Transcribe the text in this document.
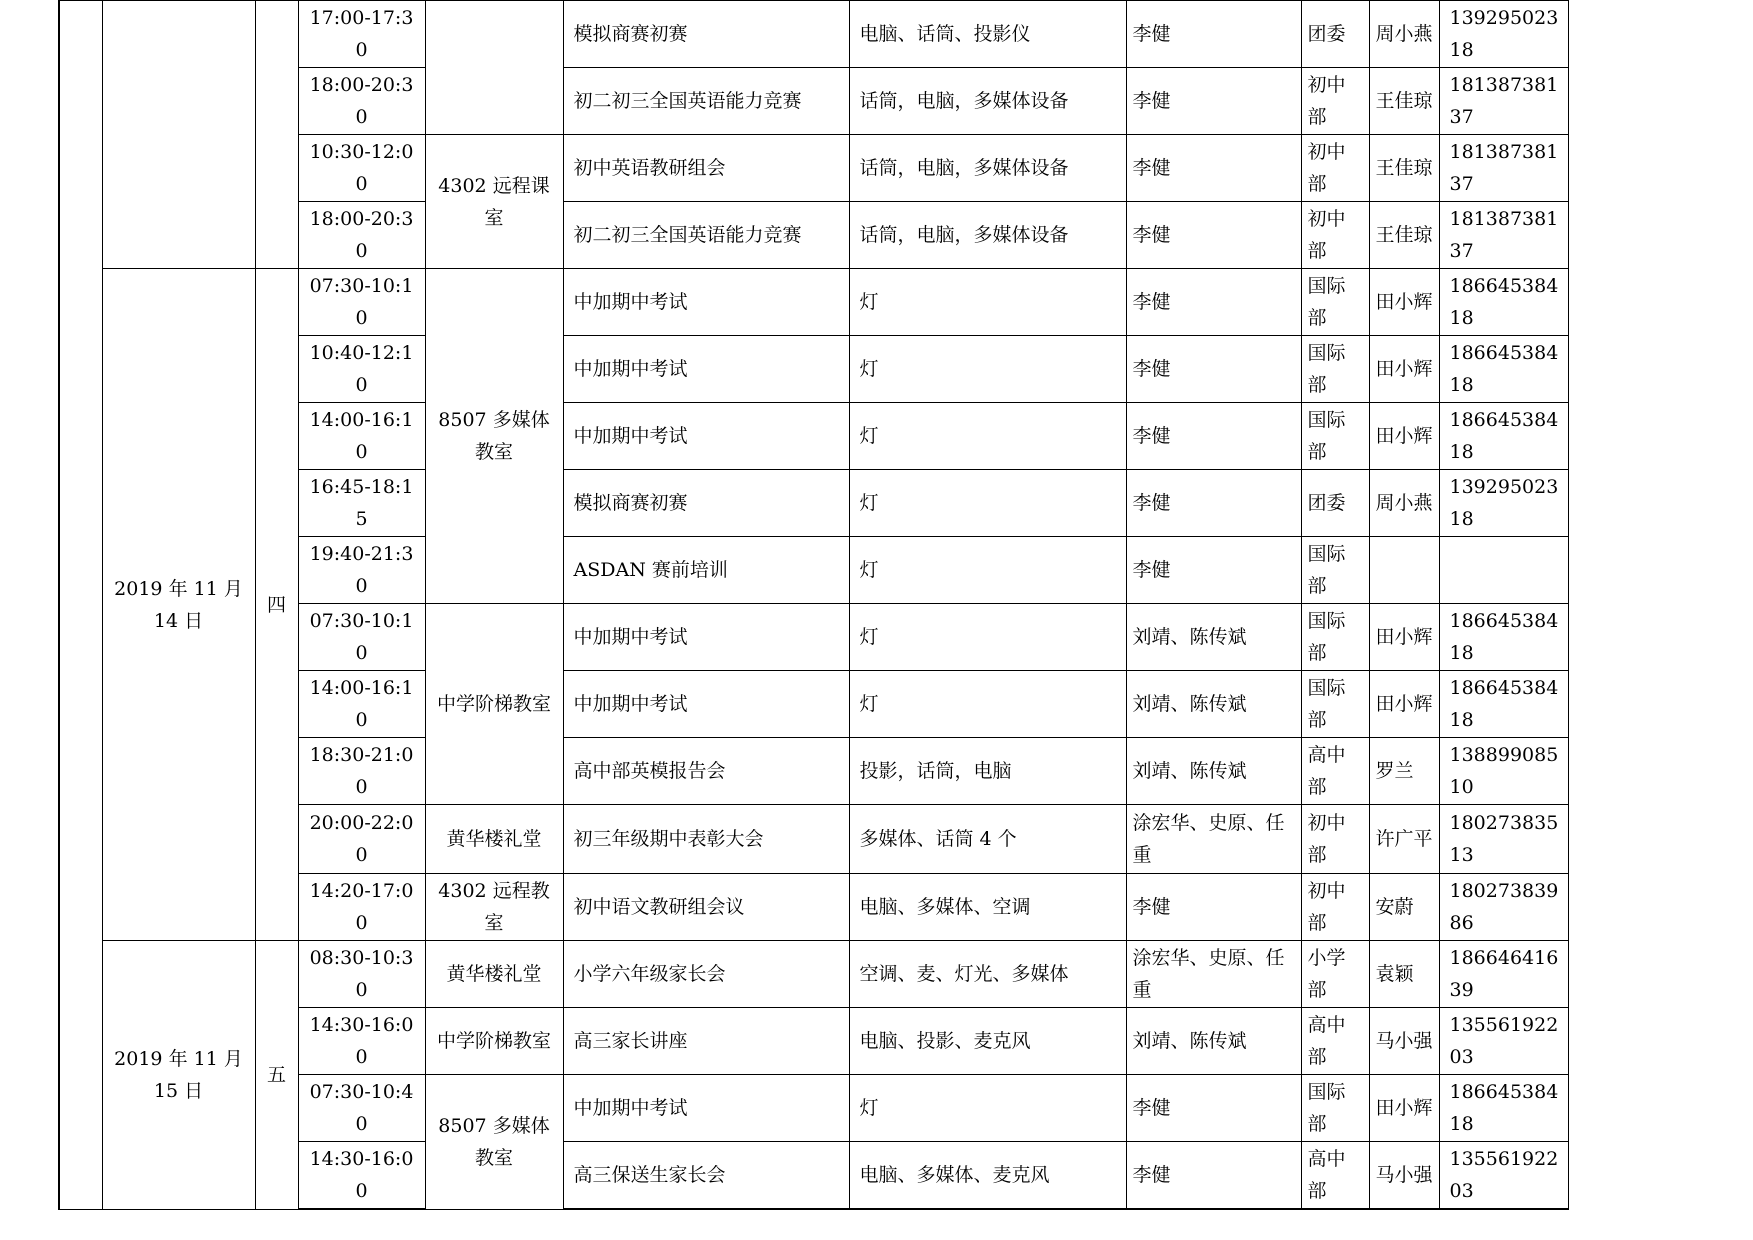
			17:00-17:30		模拟商赛初赛	电脑、话筒、投影仪	李健	团委	周小燕	13929502318
			18:00-20:30		初二初三全国英语能力竞赛	话筒，电脑，多媒体设备	李健	初中部	王佳琼	18138738137
			10:30-12:00	4302 远程课室	初中英语教研组会	话筒，电脑，多媒体设备	李健	初中部	王佳琼	18138738137
			18:00-20:30		初二初三全国英语能力竞赛	话筒，电脑，多媒体设备	李健	初中部	王佳琼	18138738137
	2019 年 11 月 14 日	四	07:30-10:10	8507 多媒体教室	中加期中考试	灯	李健	国际部	田小辉	18664538418
			10:40-12:10		中加期中考试	灯	李健	国际部	田小辉	18664538418
			14:00-16:10		中加期中考试	灯	李健	国际部	田小辉	18664538418
			16:45-18:15		模拟商赛初赛	灯	李健	团委	周小燕	13929502318
			19:40-21:30		ASDAN 赛前培训	灯	李健	国际部		
			07:30-10:10	中学阶梯教室	中加期中考试	灯	刘靖、陈传斌	国际部	田小辉	18664538418
			14:00-16:10		中加期中考试	灯	刘靖、陈传斌	国际部	田小辉	18664538418
			18:30-21:00		高中部英模报告会	投影，话筒，电脑	刘靖、陈传斌	高中部	罗兰	13889908510
			20:00-22:00	黄华楼礼堂	初三年级期中表彰大会	多媒体、话筒 4 个	涂宏华、史原、任重	初中部	许广平	18027383513
			14:20-17:00	4302 远程教室	初中语文教研组会议	电脑、多媒体、空调	李健	初中部	安蔚	18027383986
	2019 年 11 月 15 日	五	08:30-10:30	黄华楼礼堂	小学六年级家长会	空调、麦、灯光、多媒体	涂宏华、史原、任重	小学部	袁颖	18664641639
			14:30-16:00	中学阶梯教室	高三家长讲座	电脑、投影、麦克风	刘靖、陈传斌	高中部	马小强	13556192203
			07:30-10:40	8507 多媒体教室	中加期中考试	灯	李健	国际部	田小辉	18664538418
			14:30-16:00		高三保送生家长会	电脑、多媒体、麦克风	李健	高中部	马小强	13556192203
